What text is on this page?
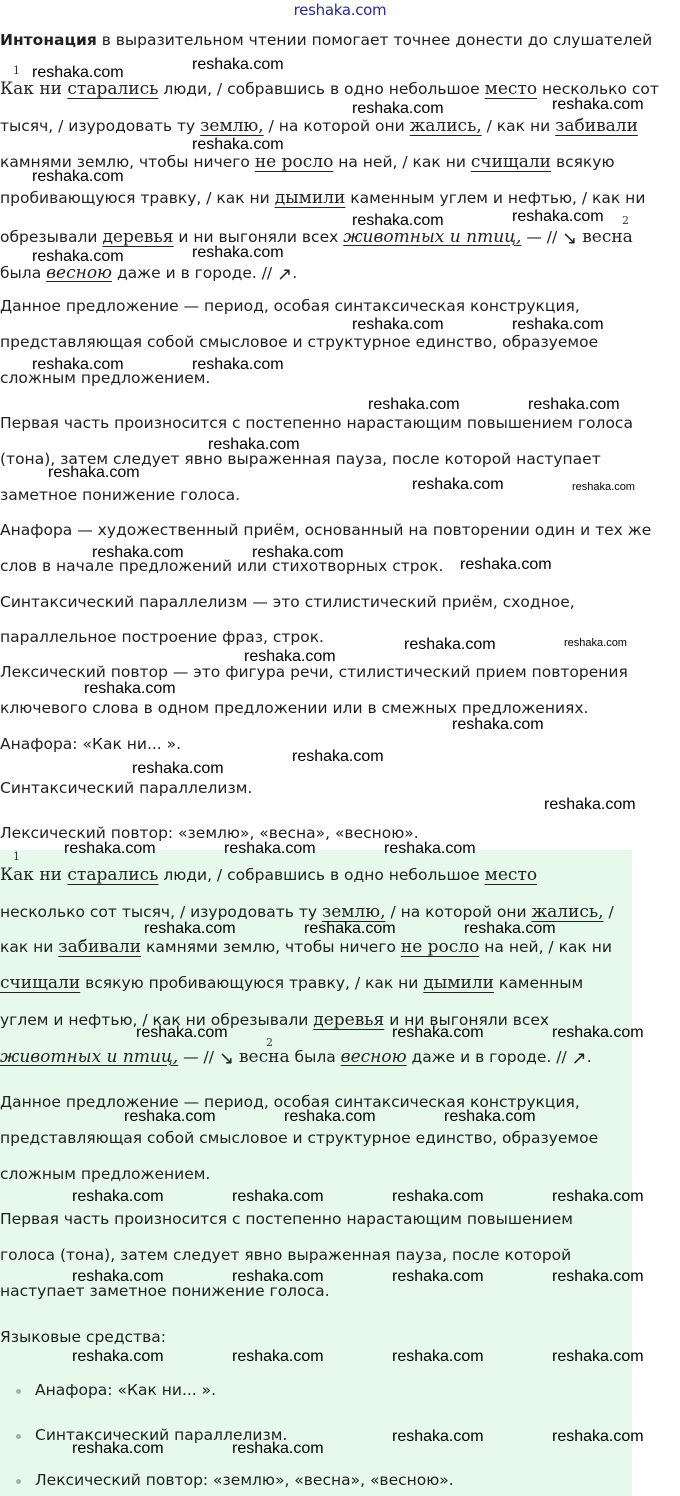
reshaka.com
Интонация в выразительном чтении помогает точнее донести до слушателей
1
Как ни старались люди, / собравшись в одно небольшое место несколько сот
тысяч, / изуродовать ту землю, / на которой они жались, / как ни забивали
камнями землю, чтобы ничего не росло на ней, / как ни счищали всякую
пробивающуюся травку, / как ни дымили каменным углем и нефтью, / как ни
2
обрезывали деревья и ни выгоняли всех животных и птиц, — // ↘ весна
была весною даже и в городе. // ↗.
Данное предложение — период, особая синтаксическая конструкция,
представляющая собой смысловое и структурное единство, образуемое
сложным предложением.
Первая часть произносится с постепенно нарастающим повышением голоса
(тона), затем следует явно выраженная пауза, после которой наступает
заметное понижение голоса.
Анафора — художественный приём, основанный на повторении один и тех же
слов в начале предложений или стихотворных строк.
Синтаксический параллелизм — это стилистический приём, сходное,
параллельное построение фраз, строк.
Лексический повтор — это фигура речи, стилистический прием повторения
ключевого слова в одном предложении или в смежных предложениях.
Анафора: «Как ни... ».
Синтаксический параллелизм.
Лексический повтор: «землю», «весна», «весною».
1
Как ни старались люди, / собравшись в одно небольшое место
несколько сот тысяч, / изуродовать ту землю, / на которой они жались, /
как ни забивали камнями землю, чтобы ничего не росло на ней, / как ни
счищали всякую пробивающуюся травку, / как ни дымили каменным
углем и нефтью, / как ни обрезывали деревья и ни выгоняли всех
2
животных и птиц, — // ↘ весна была весною даже и в городе. // ↗.
Данное предложение — период, особая синтаксическая конструкция,
представляющая собой смысловое и структурное единство, образуемое
сложным предложением.
Первая часть произносится с постепенно нарастающим повышением
голоса (тона), затем следует явно выраженная пауза, после которой
наступает заметное понижение голоса.
Языковые средства:
Анафора: «Как ни... ».
Синтаксический параллелизм.
Лексический повтор: «землю», «весна», «весною».
reshaka.com	reshaka.com
reshaka.com	reshaka.com
reshaka.com
reshaka.com
reshaka.com	reshaka.com
reshaka.com	reshaka.com
reshaka.com	reshaka.com
reshaka.com	reshaka.com
reshaka.com	reshaka.com
reshaka.com
reshaka.com
reshaka.com	reshaka.com
reshaka.com	reshaka.com
reshaka.com
reshaka.com	reshaka.com
reshaka.com
reshaka.com
reshaka.com
reshaka.com
reshaka.com
reshaka.com
reshaka.com	reshaka.com	reshaka.com
reshaka.com	reshaka.com	reshaka.com
reshaka.com	reshaka.com	reshaka.com
reshaka.com	reshaka.com	reshaka.com
reshaka.com	reshaka.com	reshaka.com	reshaka.com
reshaka.com	reshaka.com	reshaka.com	reshaka.com
reshaka.com	reshaka.com	reshaka.com	reshaka.com
reshaka.com	reshaka.com
reshaka.com	reshaka.com
